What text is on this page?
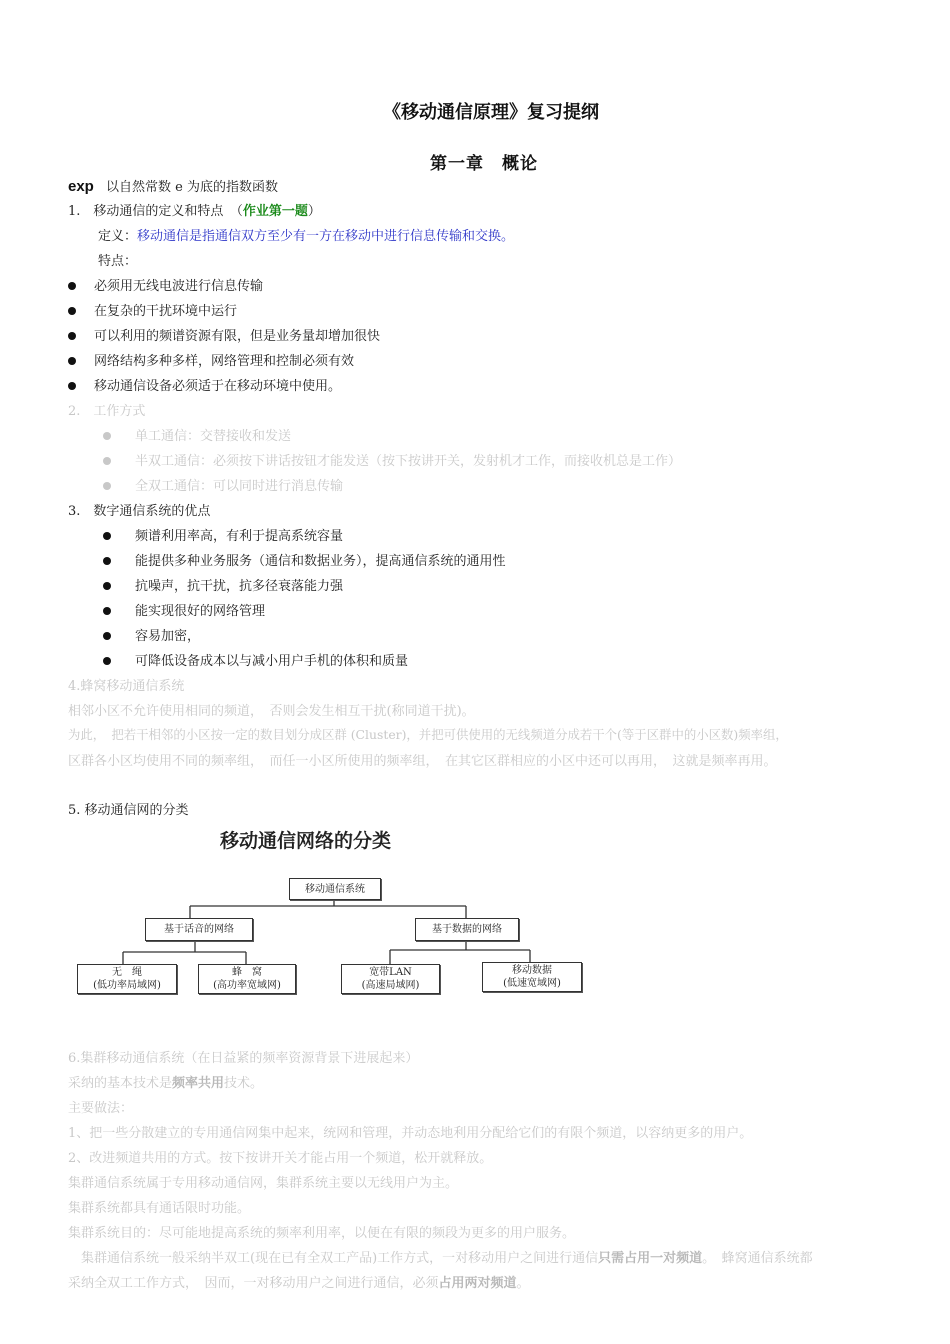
《移动通信原理》复习提纲
第一章　概论
exp 以自然常数 e 为底的指数函数
1.　移动通信的定义和特点　（作业第一题）
定义：移动通信是指通信双方至少有一方在移动中进行信息传输和交换。
特点：
必须用无线电波进行信息传输
在复杂的干扰环境中运行
可以利用的频谱资源有限，但是业务量却增加很快
网络结构多种多样，网络管理和控制必须有效
移动通信设备必须适于在移动环境中使用。
2.　工作方式
单工通信：交替接收和发送
半双工通信：必须按下讲话按钮才能发送（按下按讲开关，发射机才工作，而接收机总是工作）
全双工通信：可以同时进行消息传输
3.　数字通信系统的优点
频谱利用率高，有利于提高系统容量
能提供多种业务服务（通信和数据业务），提高通信系统的通用性
抗噪声，抗干扰，抗多径衰落能力强
能实现很好的网络管理
容易加密，
可降低设备成本以与减小用户手机的体积和质量
4.蜂窝移动通信系统
相邻小区不允许使用相同的频道，　否则会发生相互干扰(称同道干扰)。
为此，　把若干相邻的小区按一定的数目划分成区群 (Cluster)，并把可供使用的无线频道分成若干个(等于区群中的小区数)频率组，
区群各小区均使用不同的频率组，　而任一小区所使用的频率组，　在其它区群相应的小区中还可以再用，　这就是频率再用。
5. 移动通信网的分类
移动通信网络的分类
移动通信系统
基于话音的网络	基于数据的网络
无　绳
(低功率局域网)
蜂　窝
(高功率宽域网)
宽带LAN
(高速局域网)
移动数据
(低速宽域网)
6.集群移动通信系统（在日益紧的频率资源背景下进展起来）
采纳的基本技术是频率共用技术。
主要做法：
1、把一些分散建立的专用通信网集中起来，统网和管理，并动态地利用分配给它们的有限个频道，以容纳更多的用户。
2、改进频道共用的方式。按下按讲开关才能占用一个频道，松开就释放。
集群通信系统属于专用移动通信网，集群系统主要以无线用户为主。
集群系统都具有通话限时功能。
集群系统目的：尽可能地提高系统的频率利用率，以便在有限的频段为更多的用户服务。
　集群通信系统一般采纳半双工(现在已有全双工产品)工作方式，一对移动用户之间进行通信只需占用一对频道。　蜂窝通信系统都
采纳全双工工作方式，　因而，一对移动用户之间进行通信，必须占用两对频道。
